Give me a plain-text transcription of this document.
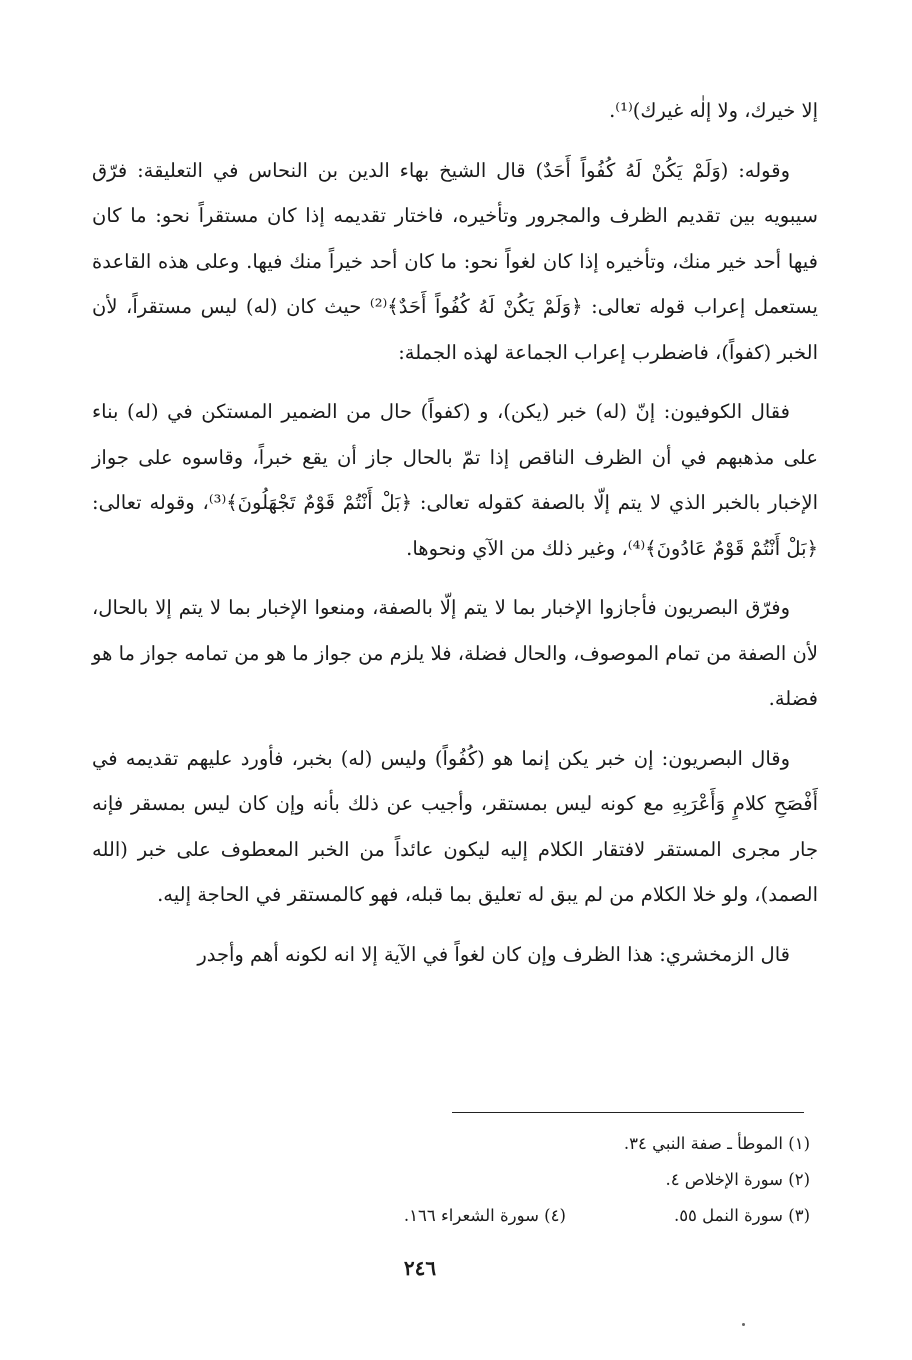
إلا خيرك، ولا إلٰه غيرك)⁽¹⁾.

وقوله: (وَلَمْ يَكُنْ لَهُ كُفُواً أَحَدٌ) قال الشيخ بهاء الدين بن النحاس في التعليقة: فرّق سيبويه بين تقديم الظرف والمجرور وتأخيره، فاختار تقديمه إذا كان مستقراً نحو: ما كان فيها أحد خير منك، وتأخيره إذا كان لغواً نحو: ما كان أحد خيراً منك فيها. وعلى هذه القاعدة يستعمل إعراب قوله تعالى: ﴿وَلَمْ يَكُنْ لَهُ كُفُواً أَحَدٌ﴾⁽²⁾ حيث كان (له) ليس مستقراً، لأن الخبر (كفواً)، فاضطرب إعراب الجماعة لهذه الجملة:

فقال الكوفيون: إنّ (له) خبر (يكن)، و (كفواً) حال من الضمير المستكن في (له) بناء على مذهبهم في أن الظرف الناقص إذا تمّ بالحال جاز أن يقع خبراً، وقاسوه على جواز الإخبار بالخبر الذي لا يتم إلّا بالصفة كقوله تعالى: ﴿بَلْ أَنْتُمْ قَوْمٌ تَجْهَلُونَ﴾⁽³⁾، وقوله تعالى: ﴿بَلْ أَنْتُمْ قَوْمٌ عَادُونَ﴾⁽⁴⁾، وغير ذلك من الآي ونحوها.

وفرّق البصريون فأجازوا الإخبار بما لا يتم إلّا بالصفة، ومنعوا الإخبار بما لا يتم إلا بالحال، لأن الصفة من تمام الموصوف، والحال فضلة، فلا يلزم من جواز ما هو من تمامه جواز ما هو فضلة.

وقال البصريون: إن خبر يكن إنما هو (كُفُواً) وليس (له) بخبر، فأورد عليهم تقديمه في أَفْصَحِ كلامٍ وَأَعْرَبِهِ مع كونه ليس بمستقر، وأجيب عن ذلك بأنه وإن كان ليس بمسقر فإنه جار مجرى المستقر لافتقار الكلام إليه ليكون عائداً من الخبر المعطوف على خبر (الله الصمد)، ولو خلا الكلام من لم يبق له تعليق بما قبله، فهو كالمستقر في الحاجة إليه.

قال الزمخشري: هذا الظرف وإن كان لغواً في الآية إلا انه لكونه أهم وأجدر

(١) الموطأ ـ صفة النبي ٣٤.
(٢) سورة الإخلاص ٤.
(٣) سورة النمل ٥٥.
(٤) سورة الشعراء ١٦٦.
٢٤٦
